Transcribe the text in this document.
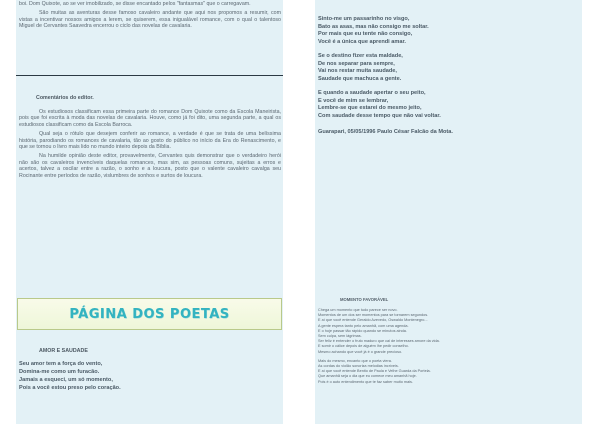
boi. Dom Quixote, ao se ver imobilizado, se disse encantado pelos "fantasmas" que o carregavam.

São muitas as aventuras desse famoso cavaleiro andante que aqui nos propomos a resumir, com vistas a incentivar nossos amigos a lerem, se quiserem, essa inigualável romance, com o qual o talentoso Miguel de Cervantes Saavedra encerrou o ciclo das novelas de cavalaria.

Comentários do editor.

Os estudiosos classificam essa primeira parte do romance Dom Quixote como da Escola Maneirista, pois que foi escrita à moda das novelas de cavalaria. Houve, como já foi dito, uma segunda parte, a qual os estudiosos classificam como da Escola Barroca.

Qual seja o rótulo que desejem conferir ao romance, a verdade é que se trata de uma belíssima história, parodiando os romances de cavalaria, tão ao gosto do público no início da Era do Renascimento, e que se tornou o livro mais lido no mundo inteiro depois da Bíblia.

Na humilde opinião deste editor, provavelmente, Cervantes quis demonstrar que o verdadeiro herói não são os cavaleiros invencíveis daquelas romances, mas sim, as pessoas comuns, sujeitas a erros e acertos, talvez a oscilar entre a razão, o sonho e a loucura, posto que o valente cavaleiro cavalga seu Rocinante entre períodos de razão, vislumbres de sonhos e surtos de loucura.

PÁGINA DOS POETAS

AMOR E SAUDADE

Seu amor tem a força do vento,

Domina-me como um furacão.

Jamais a esqueci, um só momento,

Pois a você estou preso pelo coração.

Sinto-me um passarinho no visgo,

Bato as asas, mas não consigo me soltar.

Por mais que eu tente não consigo,

Você é a única que aprendi amar.

Se o destino fizer esta maldade,

De nos separar para sempre,

Vai nos restar muita saudade,

Saudade que machuca a gente.

E quando a saudade apertar o seu peito,

E você de mim se lembrar,

Lembre-se que estarei do mesmo jeito,

Com saudade desse tempo que não vai voltar.

Guarapari, 05/05/1996 Paulo César Falcão da Mota.

MOMENTO FAVORÁVEL

Chega um momento que tudo parece ser novo.

Momentos de um dos ser momentos para se tornarem segundos.

E aí que você entende Geraldo Azevedo, Oswaldo Montenegro...

A gente espera tanto pelo amanhã, com uma agenda.

E o hoje passar tão rápido quando se minutos ainda.

Sem culpa, sem lágrimas.

Ser feliz é entender o fruto maduro que cai de interesses amore da vida.

E somir o cálice depois de alguém lhe pedir conselho.

Mesmo achando que você já é o grande precioso.

Mais do mesmo, encanto que o poeta viera.

As cordas do violão sonoriza melodias incríveis.

E aí que você entende Benito de Paula e Velhe Guarda da Portela.

Que amanhã seja o dia que eu comece meu amanhã hoje.

Pois é o auto entendimento que te faz saber muito mais.
